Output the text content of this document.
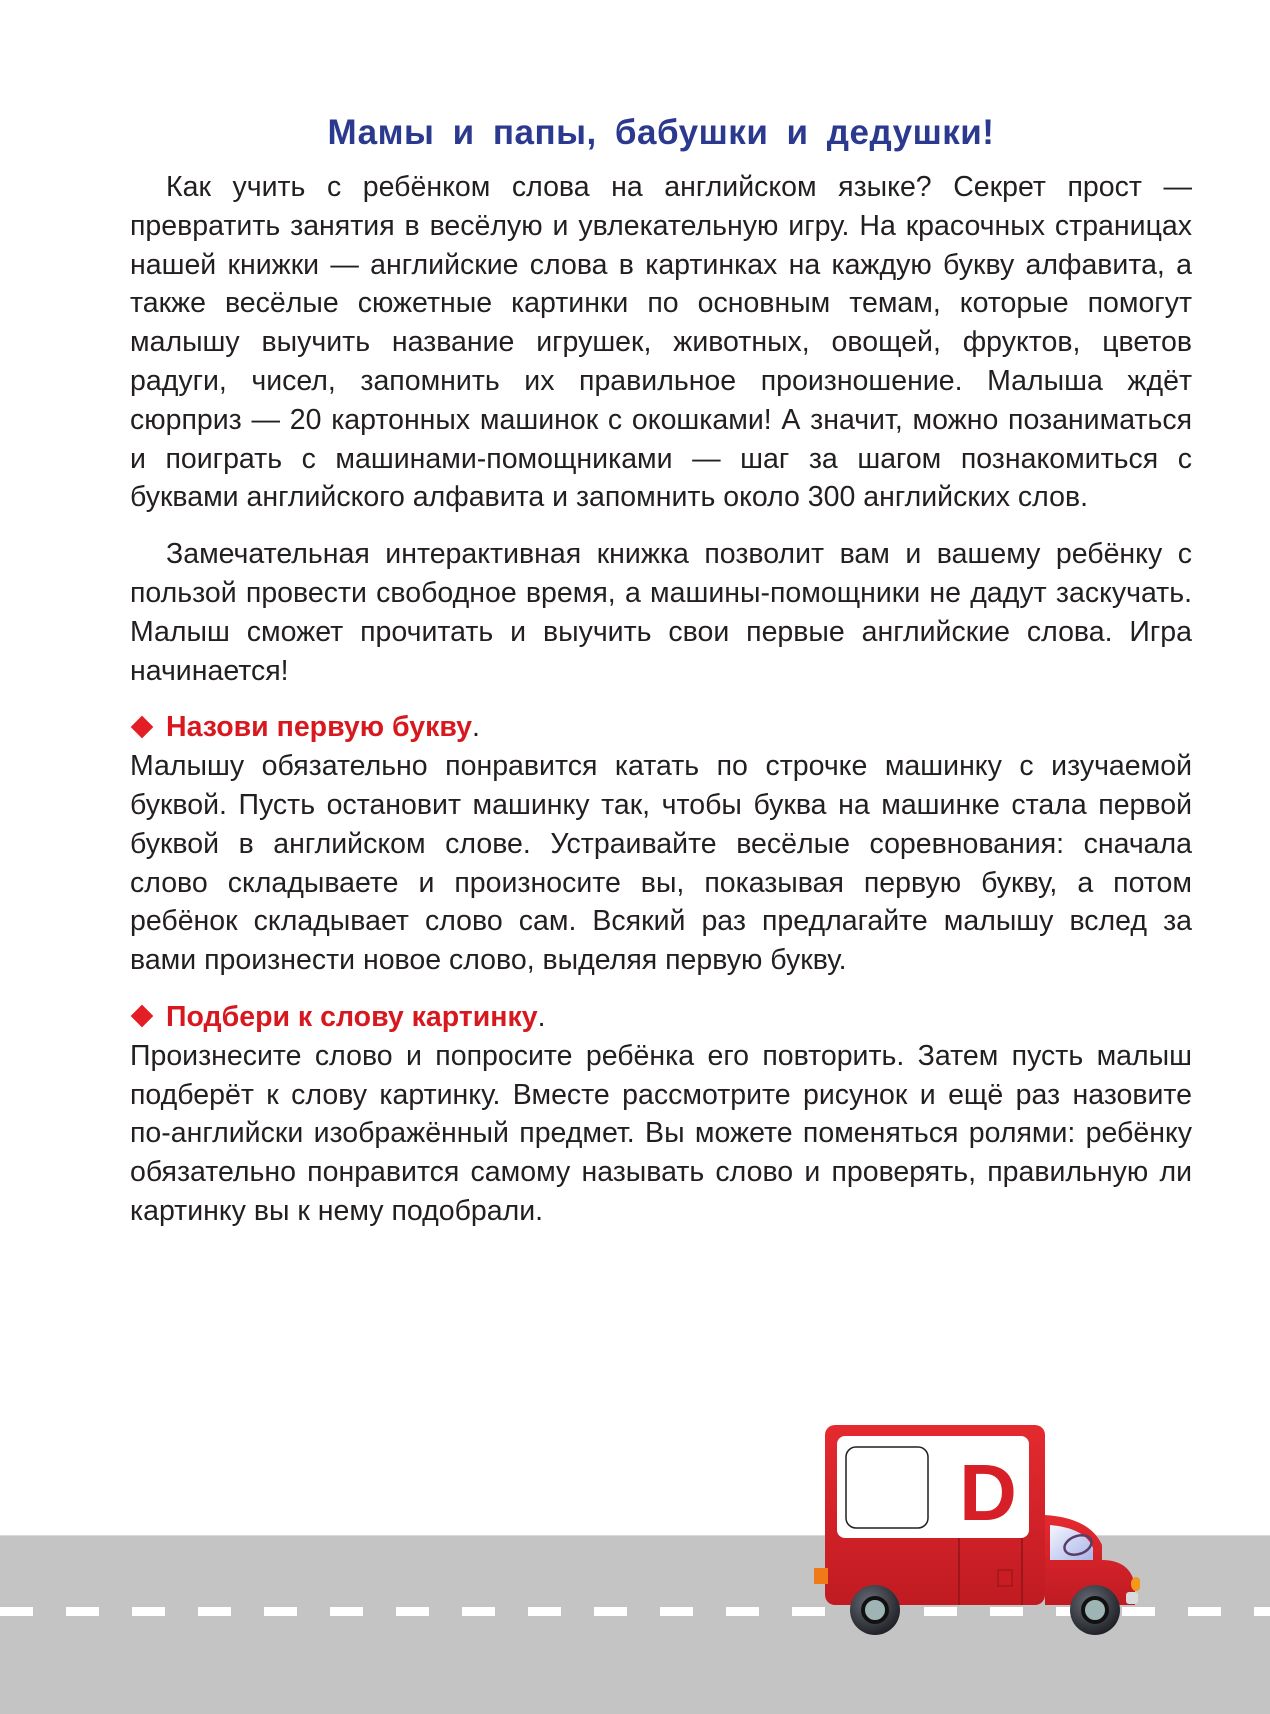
Мамы и папы, бабушки и дедушки!

Как учить с ребёнком слова на английском языке? Секрет прост — превратить занятия в весёлую и увлекательную игру. На красочных страницах нашей книжки — английские слова в картинках на каждую букву алфавита, а также весёлые сюжетные картинки по основным темам, которые помогут малышу выучить название игрушек, животных, овощей, фруктов, цветов радуги, чисел, запомнить их правильное произношение. Малыша ждёт сюрприз — 20 картонных машинок с окошками! А значит, можно позаниматься и поиграть с машинами-помощниками — шаг за шагом познакомиться с буквами английского алфавита и запомнить около 300 английских слов.

Замечательная интерактивная книжка позволит вам и вашему ребёнку с пользой провести свободное время, а машины-помощники не дадут заскучать. Малыш сможет прочитать и выучить свои первые английские слова. Игра начинается!

Назови первую букву.

Малышу обязательно понравится катать по строчке машинку с изучаемой буквой. Пусть остановит машинку так, чтобы буква на машинке стала первой буквой в английском слове. Устраивайте весёлые соревнования: сначала слово складываете и произносите вы, показывая первую букву, а потом ребёнок складывает слово сам. Всякий раз предлагайте малышу вслед за вами произнести новое слово, выделяя первую букву.

Подбери к слову картинку.

Произнесите слово и попросите ребёнка его повторить. Затем пусть малыш подберёт к слову картинку. Вместе рассмотрите рисунок и ещё раз назовите по-английски изображённый предмет. Вы можете поменяться ролями: ребёнку обязательно понравится самому называть слово и проверять, правильную ли картинку вы к нему подобрали.

D
